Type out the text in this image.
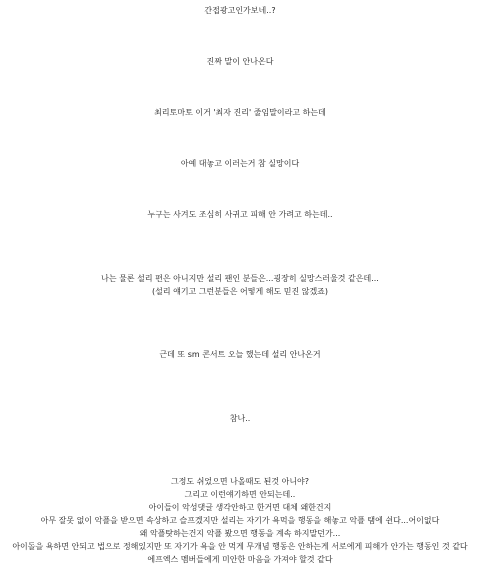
간접광고인가보네..?
진짜 말이 안나온다
최리토마토 이거 '최자 진리' 줄임말이라고 하는데
아예 대놓고 이러는거 참 실망이다
누구는 사겨도 조심히 사귀고 피해 안 가려고 하는데..
나는 물론 설리 편은 아니지만 설리 팬인 분들은...굉장히 실망스러울것 같은데...
(설리 얘기고 그런분들은 어떻게 해도 믿진 않겠죠)
근데 또 sm 콘서트 오늘 했는데 설리 안나온거
참나..
그정도 쉬었으면 나올때도 된것 아니야?
그리고 이런얘기하면 안되는데..
아이들이 악성댓글 생각안하고 한거면 대체 왜한건지
아무 잘못 없이 악플을 받으면 속상하고 슬프겠지만 설리는 자기가 욕먹을 행동을 해놓고 악플 탬에 쉰다...어이없다
왜 악플탓하는건지 악플 봤으면 행동을 계속 하지말던가...
아이돌을 욕하면 안되고 법으로 정해있지만 또 자기가 욕을 안 먹게 무개념 행동은 안하는게 서로에게 피해가 안가는 행동인 것 같다
에프엑스 멤버들에게 미안한 마음을 가져야 할것 같다
